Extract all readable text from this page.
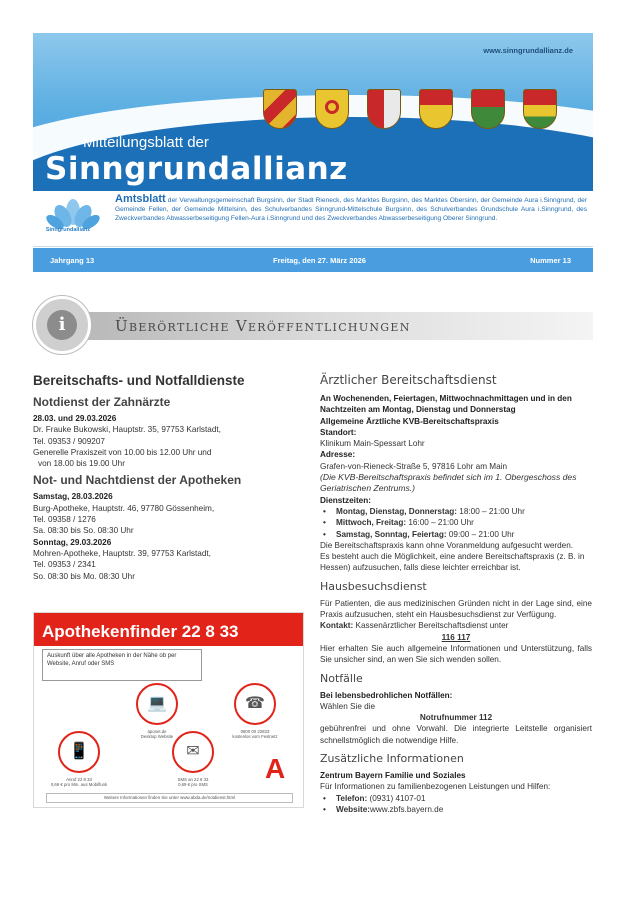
www.sinngrundallianz.de
Mitteilungsblatt der
Sinngrundallianz
Sinngrundallianz
Amtsblatt der Verwaltungsgemeinschaft Burgsinn, der Stadt Rieneck, des Marktes Burgsinn, des Marktes Obersinn, der Gemeinde Aura i.Sinngrund, der Gemeinde Fellen, der Gemeinde Mittelsinn, des Schulverbandes Sinngrund-Mittelschule Burgsinn, des Schulverbandes Grundschule Aura i.Sinngrund, des Zweckverbandes Abwasserbeseitigung Fellen-Aura i.Sinngrund und des Zweckverbandes Abwasserbeseitigung Oberer Sinngrund.
Jahrgang 13	Freitag, den 27. März 2026	Nummer 13
i	Überörtliche Veröffentlichungen
Bereitschafts- und Notfalldienste
Notdienst der Zahnärzte

28.03. und 29.03.2026

Dr. Frauke Bukowski, Hauptstr. 35, 97753 Karlstadt,

Tel. 09353 / 909207

Generelle Praxiszeit von 10.00 bis 12.00 Uhr und

von 18.00 bis 19.00 Uhr

Not- und Nachtdienst der Apotheken

Samstag, 28.03.2026

Burg-Apotheke, Hauptstr. 46, 97780 Gössenheim,

Tel. 09358 / 1276

Sa. 08:30 bis So. 08:30 Uhr

Sonntag, 29.03.2026

Mohren-Apotheke, Hauptstr. 39, 97753 Karlstadt,

Tel. 09353 / 2341

So. 08:30 bis Mo. 08:30 Uhr

Apothekenfinder 22 8 33
Auskunft über alle Apotheken in der Nähe ob per Website, Anruf oder SMS
💻
aponet.de
Desktop Website
☎
0800 00 22833
kostenlos vom Festnetz
📱
Anruf 22 8 33
0,69 € pro Min. aus Mobilfunk
✉
SMS an 22 8 33
0,69 € pro SMS
A
Weitere Informationen finden Sie unter www.abda.de/notdienst.html
Ärztlicher Bereitschaftsdienst

An Wochenenden, Feiertagen, Mittwochnachmittagen und in den Nachtzeiten am Montag, Dienstag und Donnerstag

Allgemeine Ärztliche KVB-Bereitschaftspraxis

Standort:

Klinikum Main-Spessart Lohr

Adresse:

Grafen-von-Rieneck-Straße 5, 97816 Lohr am Main

(Die KVB-Bereitschaftspraxis befindet sich im 1. Obergeschoss des Geriatrischen Zentrums.)

Dienstzeiten:

• Montag, Dienstag, Donnerstag: 18:00 – 21:00 Uhr
• Mittwoch, Freitag: 16:00 – 21:00 Uhr
• Samstag, Sonntag, Feiertag: 09:00 – 21:00 Uhr

Die Bereitschaftspraxis kann ohne Voranmeldung aufgesucht werden.

Es besteht auch die Möglichkeit, eine andere Bereitschaftspraxis (z. B. in Hessen) aufzusuchen, falls diese leichter erreichbar ist.

Hausbesuchsdienst

Für Patienten, die aus medizinischen Gründen nicht in der Lage sind, eine Praxis aufzusuchen, steht ein Hausbesuchsdienst zur Verfügung.

Kontakt: Kassenärztlicher Bereitschaftsdienst unter

116 117

Hier erhalten Sie auch allgemeine Informationen und Unterstützung, falls Sie unsicher sind, an wen Sie sich wenden sollen.

Notfälle

Bei lebensbedrohlichen Notfällen:

Wählen Sie die

Notrufnummer 112

gebührenfrei und ohne Vorwahl. Die integrierte Leitstelle organisiert schnellstmöglich die notwendige Hilfe.

Zusätzliche Informationen

Zentrum Bayern Familie und Soziales

Für Informationen zu familienbezogenen Leistungen und Hilfen:

• Telefon: (0931) 4107-01
• Website:www.zbfs.bayern.de
